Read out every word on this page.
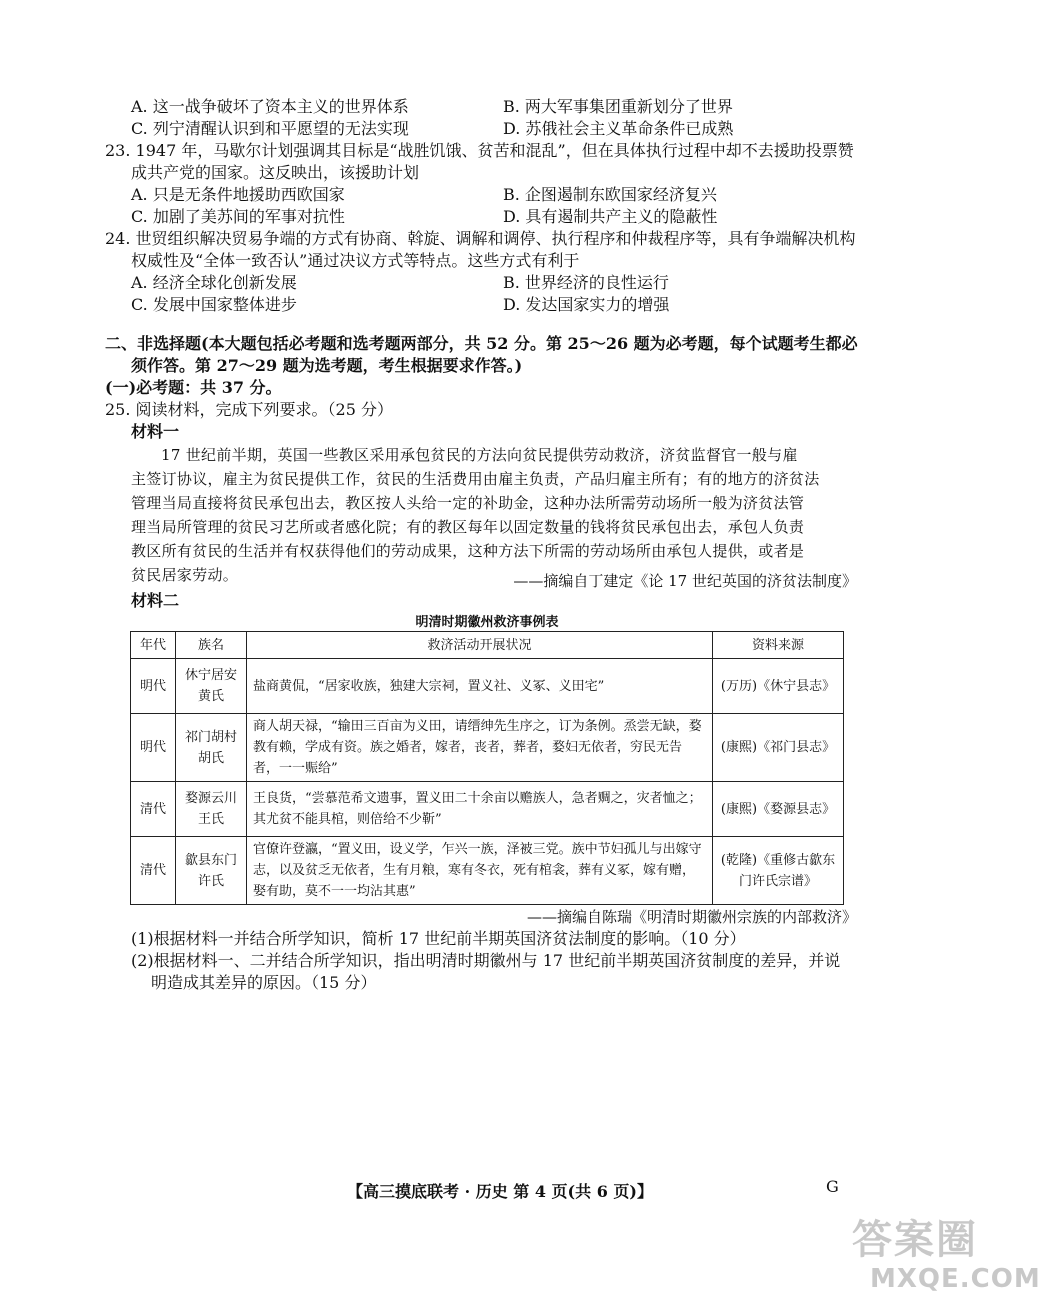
A. 这一战争破坏了资本主义的世界体系	B. 两大军事集团重新划分了世界
C. 列宁清醒认识到和平愿望的无法实现	D. 苏俄社会主义革命条件已成熟
23. 1947 年，马歇尔计划强调其目标是“战胜饥饿、贫苦和混乱”，但在具体执行过程中却不去援助投票赞
成共产党的国家。这反映出，该援助计划
A. 只是无条件地援助西欧国家	B. 企图遏制东欧国家经济复兴
C. 加剧了美苏间的军事对抗性	D. 具有遏制共产主义的隐蔽性
24. 世贸组织解决贸易争端的方式有协商、斡旋、调解和调停、执行程序和仲裁程序等，具有争端解决机构
权威性及“全体一致否认”通过决议方式等特点。这些方式有利于
A. 经济全球化创新发展	B. 世界经济的良性运行
C. 发展中国家整体进步	D. 发达国家实力的增强
二、非选择题(本大题包括必考题和选考题两部分，共 52 分。第 25～26 题为必考题，每个试题考生都必
须作答。第 27～29 题为选考题，考生根据要求作答。)
(一)必考题：共 37 分。
25. 阅读材料，完成下列要求。（25 分）
材料一
17 世纪前半期，英国一些教区采用承包贫民的方法向贫民提供劳动救济，济贫监督官一般与雇
主签订协议，雇主为贫民提供工作，贫民的生活费用由雇主负责，产品归雇主所有；有的地方的济贫法
管理当局直接将贫民承包出去，教区按人头给一定的补助金，这种办法所需劳动场所一般为济贫法管
理当局所管理的贫民习艺所或者感化院；有的教区每年以固定数量的钱将贫民承包出去，承包人负责
教区所有贫民的生活并有权获得他们的劳动成果，这种方法下所需的劳动场所由承包人提供，或者是
贫民居家劳动。	——摘编自丁建定《论 17 世纪英国的济贫法制度》
材料二
明清时期徽州救济事例表
年代	族名	救济活动开展状况	资料来源
明代	休宁居安黄氏	盐商黄侃，“居家收族，独建大宗祠，置义社、义冢、义田宅”	(万历)《休宁县志》
明代	祁门胡村胡氏	商人胡天禄，“输田三百亩为义田，请缙绅先生序之，订为条例。烝尝无缺，婺教有赖，学成有资。族之婚者，嫁者，丧者，葬者，婺妇无依者，穷民无告者，一一赈给”	(康熙)《祁门县志》
清代	婺源云川王氏	王良货，“尝慕范希文遗事，置义田二十余亩以赡族人，急者赒之，灾者恤之；其尤贫不能具棺，则倍给不少靳”	(康熙)《婺源县志》
清代	歙县东门许氏	官僚许登瀛，“置义田，设义学，乍兴一族，泽被三党。族中节妇孤儿与出嫁守志，以及贫乏无依者，生有月粮，寒有冬衣，死有棺衾，葬有义冢，嫁有赠，娶有助，莫不一一均沾其惠”	(乾隆)《重修古歙东门许氏宗谱》
——摘编自陈瑞《明清时期徽州宗族的内部救济》
(1)根据材料一并结合所学知识，简析 17 世纪前半期英国济贫法制度的影响。（10 分）
(2)根据材料一、二并结合所学知识，指出明清时期徽州与 17 世纪前半期英国济贫制度的差异，并说
明造成其差异的原因。（15 分）
【高三摸底联考 · 历史 第 4 页(共 6 页)】	G
答案圈
MXQE.COM
